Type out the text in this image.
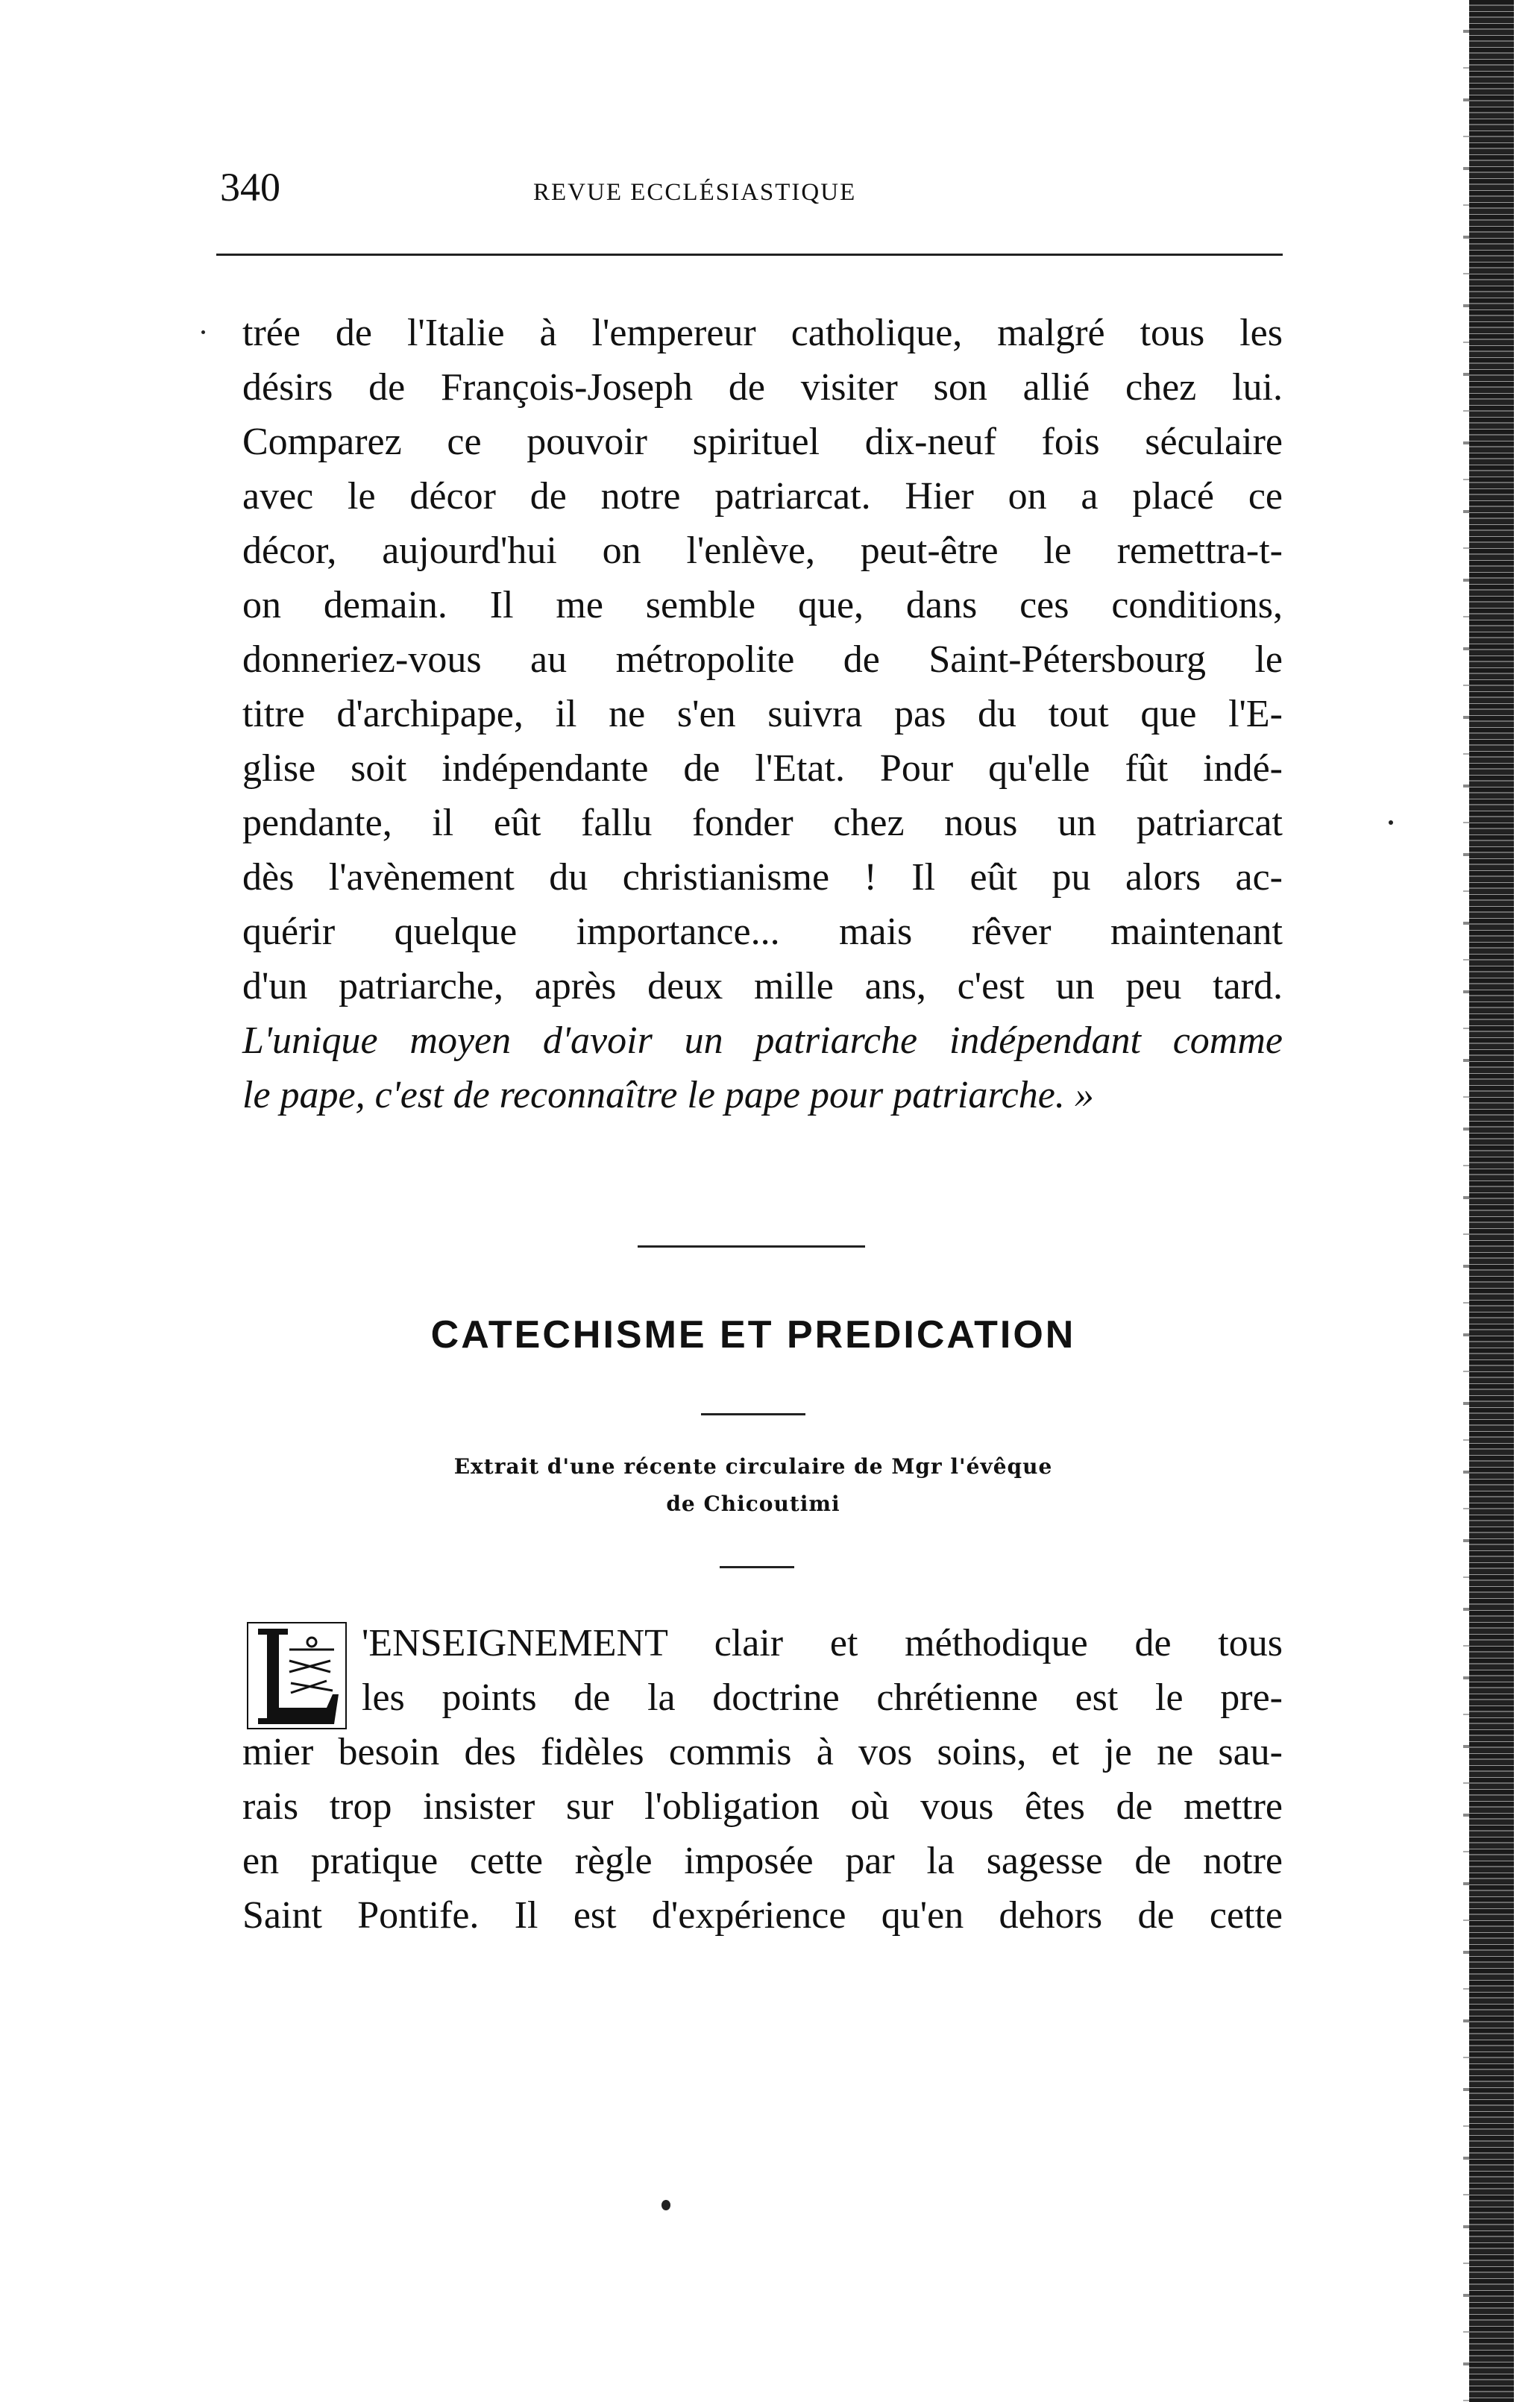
340	REVUE ECCLÉSIASTIQUE
trée de l'Italie à l'empereur catholique, malgré tous les
désirs de François-Joseph de visiter son allié chez lui.
Comparez ce pouvoir spirituel dix-neuf fois séculaire
avec le décor de notre patriarcat. Hier on a placé ce
décor, aujourd'hui on l'enlève, peut-être le remettra-t-
on demain. Il me semble que, dans ces conditions,
donneriez-vous au métropolite de Saint-Pétersbourg le
titre d'archipape, il ne s'en suivra pas du tout que l'E-
glise soit indépendante de l'Etat. Pour qu'elle fût indé-
pendante, il eût fallu fonder chez nous un patriarcat
dès l'avènement du christianisme ! Il eût pu alors ac-
quérir quelque importance... mais rêver maintenant
d'un patriarche, après deux mille ans, c'est un peu tard.
L'unique moyen d'avoir un patriarche indépendant comme
le pape, c'est de reconnaître le pape pour patriarche. »
CATECHISME ET PREDICATION
Extrait d'une récente circulaire de Mgr l'évêque
de Chicoutimi
'ENSEIGNEMENT clair et méthodique de tous
les points de la doctrine chrétienne est le pre-
mier besoin des fidèles commis à vos soins, et je ne sau-
rais trop insister sur l'obligation où vous êtes de mettre
en pratique cette règle imposée par la sagesse de notre
Saint Pontife. Il est d'expérience qu'en dehors de cette
